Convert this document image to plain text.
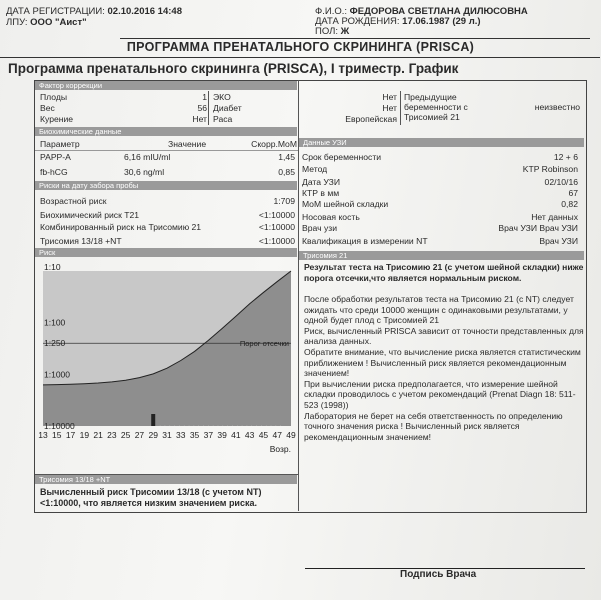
ДАТА РЕГИСТРАЦИИ: 02.10.2016 14:48
ЛПУ: ООО "Аист"
Ф.И.О.: ФЕДОРОВА СВЕТЛАНА ДИЛЮСОВНА
ДАТА РОЖДЕНИЯ: 17.06.1987 (29 л.)
ПОЛ: Ж
ПРОГРАММА ПРЕНАТАЛЬНОГО СКРИНИНГА (PRISCA)
Программа пренатального скрининга (PRISCA), I триместр. График
Фактор коррекции
Плоды	1
Вес	56
Курение	Нет
ЭКО	Нет
Диабет	Нет
Раса	Европейская
Предыдущие
беременности с
Трисомией 21
неизвестно
Биохимические данные
Параметр	Значение	Скорр.MoM
PAPP-A	6,16 mIU/ml	1,45
fb-hCG	30,6 ng/ml	0,85
Риски на дату забора пробы
Возрастной риск	1:709
Биохимический риск Т21	<1:10000
Комбинированный риск на Трисомию 21	<1:10000
Трисомия 13/18 +NT	<1:10000
Данные УЗИ
Срок беременности	12 + 6
Метод	KTP Robinson
Дата УЗИ	02/10/16
КТР в мм	67
MoM шейной складки	0,82
Носовая кость	Нет данных
Врач узи	Врач УЗИ Врач УЗИ
Квалификация в измерении NT	Врач УЗИ
Риск
1:10
1:100
1:250
1:1000
1:10000
Порог отсечки
13 15 17 19 21 23 25 27 29 31 33 35 37 39 41 43 45 47 49
Возр.
Трисомия 21
Результат теста на Трисомию 21 (с учетом шейной складки) ниже порога отсечки,что является нормальным риском.
После обработки результатов теста на Трисомию 21 (с NT) следует ожидать что среди 10000 женщин с одинаковыми результатами, у одной будет плод с Трисомией 21
Риск, вычисленный PRISCA зависит от точности представленных для анализа данных.
Обратите внимание, что вычисление риска является статистическим приближением ! Вычисленный риск является рекомендационным значением!
При вычислении риска предполагается, что измерение шейной складки проводилось с учетом рекомендаций (Prenat Diagn 18: 511-523 (1998))
Лаборатория не берет на себя ответственность по определению точного значения риска ! Вычисленный риск является рекомендационным значением!
Трисомия 13/18 +NT
Вычисленный риск Трисомии 13/18 (с учетом NT) <1:10000, что является низким значением риска.
Подпись Врача
